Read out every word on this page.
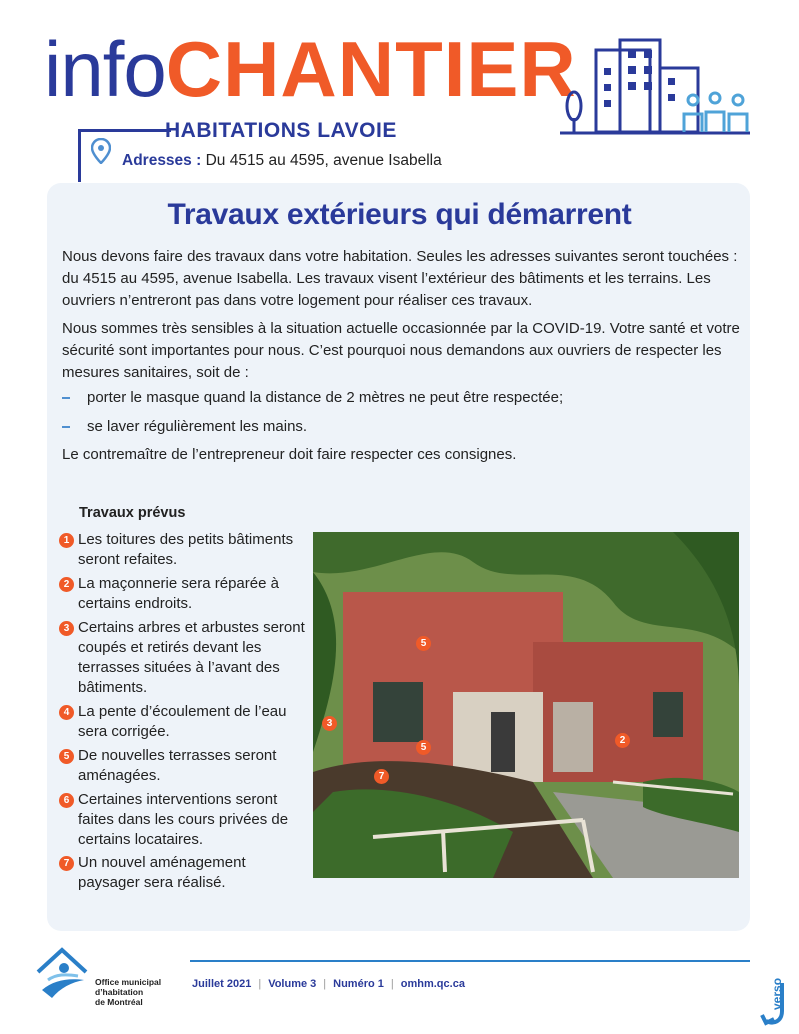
infoCHANTIER
HABITATIONS LAVOIE
Adresses : Du 4515 au 4595, avenue Isabella
Travaux extérieurs qui démarrent
Nous devons faire des travaux dans votre habitation. Seules les adresses suivantes seront touchées : du 4515 au 4595, avenue Isabella. Les travaux visent l’extérieur des bâtiments et les terrains. Les ouvriers n’entreront pas dans votre logement pour réaliser ces travaux.
Nous sommes très sensibles à la situation actuelle occasionnée par la COVID-19. Votre santé et votre sécurité sont importantes pour nous. C’est pourquoi nous demandons aux ouvriers de respecter les mesures sanitaires, soit de :
porter le masque quand la distance de 2 mètres ne peut être respectée;
se laver régulièrement les mains.
Le contremaître de l’entrepreneur doit faire respecter ces consignes.
Travaux prévus
1 Les toitures des petits bâtiments seront refaites.
2 La maçonnerie sera réparée à certains endroits.
3 Certains arbres et arbustes seront coupés et retirés devant les terrasses situées à l’avant des bâtiments.
4 La pente d’écoulement de l’eau sera corrigée.
5 De nouvelles terrasses seront aménagées.
6 Certaines interventions seront faites dans les cours privées de certains locataires.
7 Un nouvel aménagement paysager sera réalisé.
5
3
5
2
7
Office municipal
d’habitation
de Montréal
Juillet 2021 | Volume 3 | Numéro 1 | omhm.qc.ca	verso
